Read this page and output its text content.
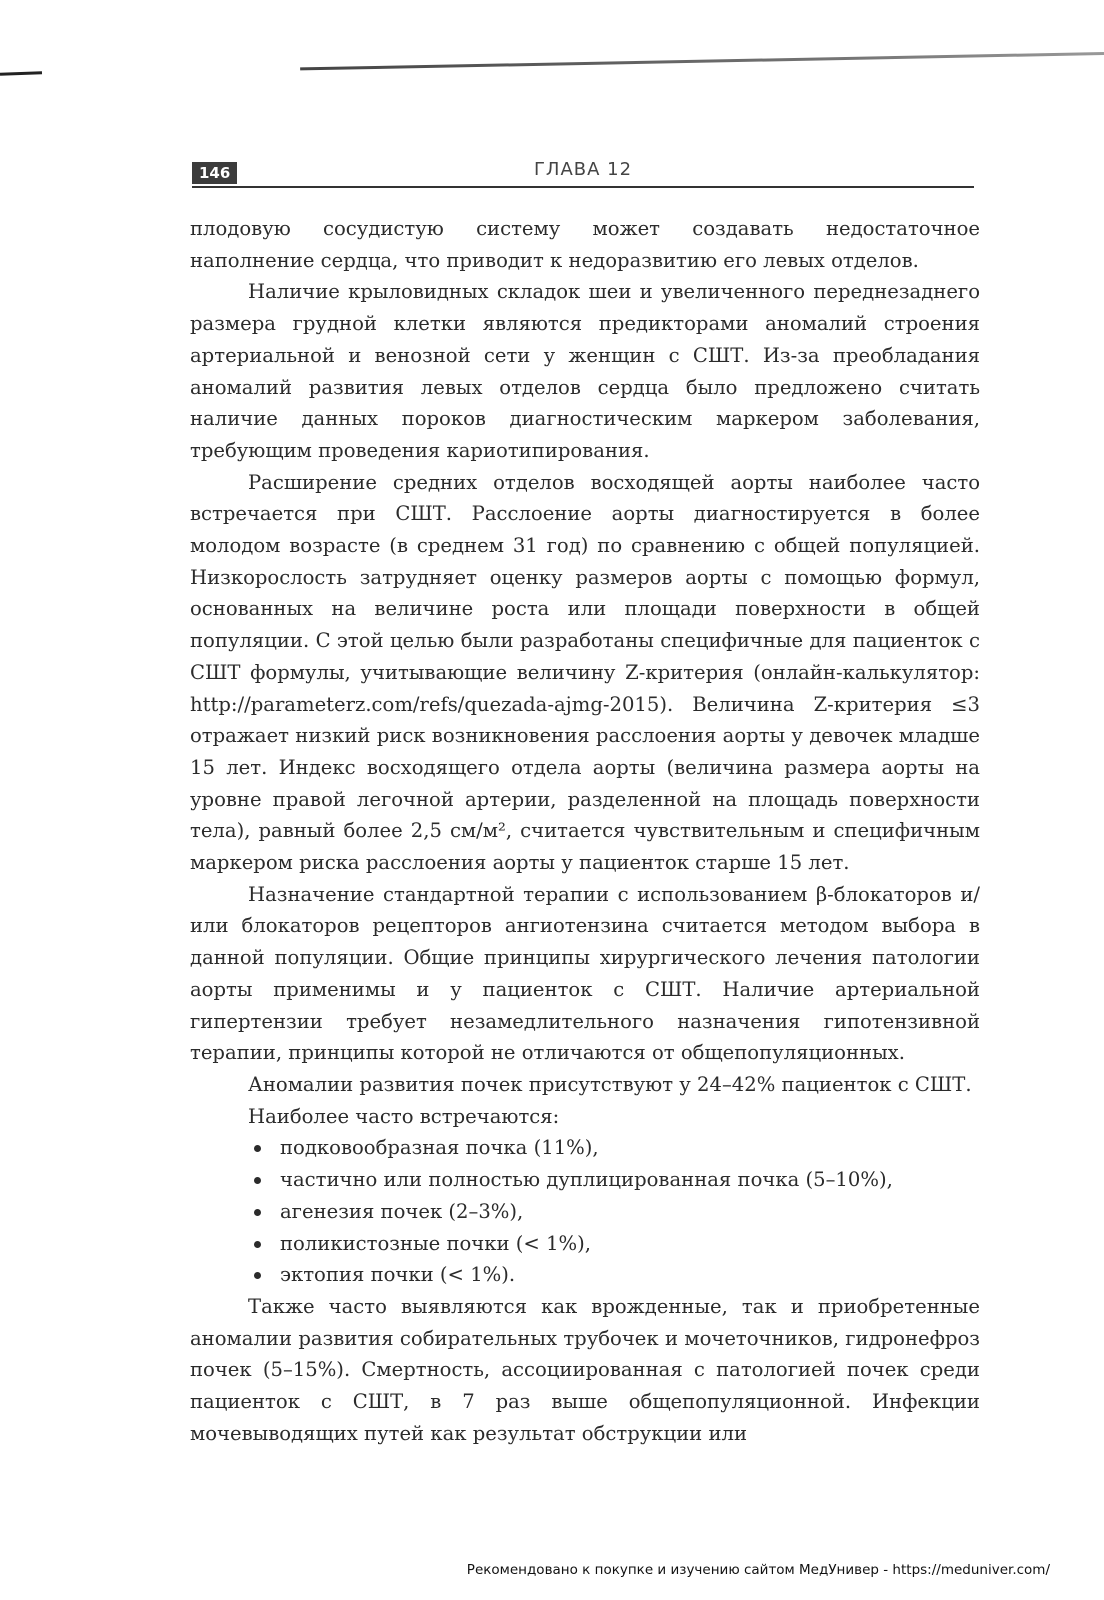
146	ГЛАВА 12

плодовую сосудистую систему может создавать недостаточное наполнение сердца, что приводит к недоразвитию его левых отделов.

Наличие крыловидных складок шеи и увеличенного переднезаднего размера грудной клетки являются предикторами аномалий строения артериальной и венозной сети у женщин с СШТ. Из-за преобладания аномалий развития левых отделов сердца было предложено считать наличие данных пороков диагностическим маркером заболевания, требующим проведения кариотипирования.

Расширение средних отделов восходящей аорты наиболее часто встречается при СШТ. Расслоение аорты диагностируется в более молодом возрасте (в среднем 31 год) по сравнению с общей популяцией. Низкорослость затрудняет оценку размеров аорты с помощью формул, основанных на величине роста или площади поверхности в общей популяции. С этой целью были разработаны специфичные для пациенток с СШТ формулы, учитывающие величину Z-критерия (онлайн-калькулятор: http://parameterz.com/refs/quezada-ajmg-2015). Величина Z-критерия ≤3 отражает низкий риск возникновения расслоения аорты у девочек младше 15 лет. Индекс восходящего отдела аорты (величина размера аорты на уровне правой легочной артерии, разделенной на площадь поверхности тела), равный более 2,5 см/м², считается чувствительным и специфичным маркером риска расслоения аорты у пациенток старше 15 лет.

Назначение стандартной терапии с использованием β-блокаторов и/или блокаторов рецепторов ангиотензина считается методом выбора в данной популяции. Общие принципы хирургического лечения патологии аорты применимы и у пациенток с СШТ. Наличие артериальной гипертензии требует незамедлительного назначения гипотензивной терапии, принципы которой не отличаются от общепопуляционных.

Аномалии развития почек присутствуют у 24–42% пациенток с СШТ.

Наиболее часто встречаются:

подковообразная почка (11%),
частично или полностью дуплицированная почка (5–10%),
агенезия почек (2–3%),
поликистозные почки (< 1%),
эктопия почки (< 1%).

Также часто выявляются как врожденные, так и приобретенные аномалии развития собирательных трубочек и мочеточников, гидронефроз почек (5–15%). Смертность, ассоциированная с патологией почек среди пациенток с СШТ, в 7 раз выше общепопуляционной. Инфекции мочевыводящих путей как результат обструкции или

Рекомендовано к покупке и изучению сайтом МедУнивер - https://meduniver.com/
